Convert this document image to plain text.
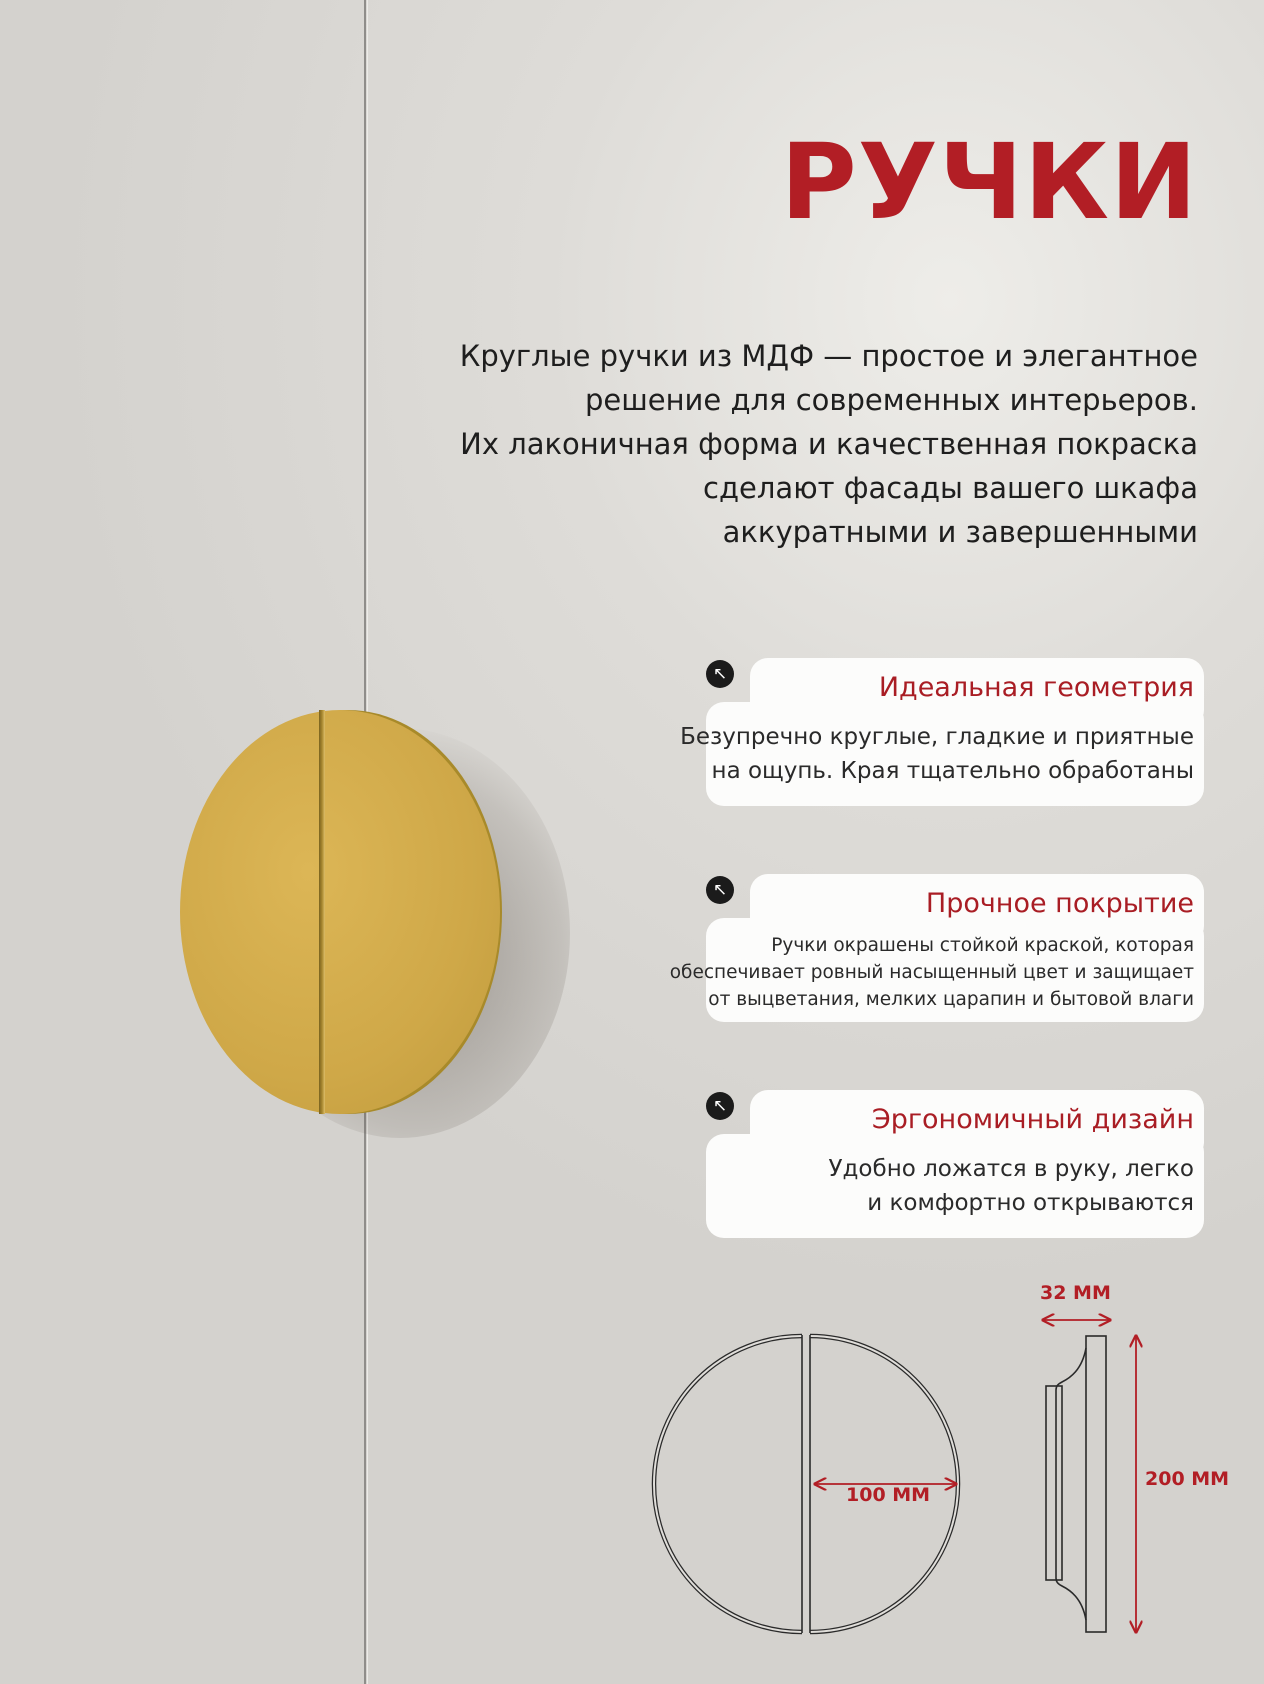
РУЧКИ
Круглые ручки из МДФ — простое и элегантное
решение для современных интерьеров.
Их лаконичная форма и качественная покраска
сделают фасады вашего шкафа
аккуратными и завершенными
↖	Идеальная геометрия
Безупречно круглые, гладкие и приятные
на ощупь. Края тщательно обработаны
↖	Прочное покрытие
Ручки окрашены стойкой краской, которая
обеспечивает ровный насыщенный цвет и защищает
от выцветания, мелких царапин и бытовой влаги
↖	Эргономичный дизайн
Удобно ложатся в руку, легко
и комфортно открываются
100 ММ
32 ММ
200 ММ
